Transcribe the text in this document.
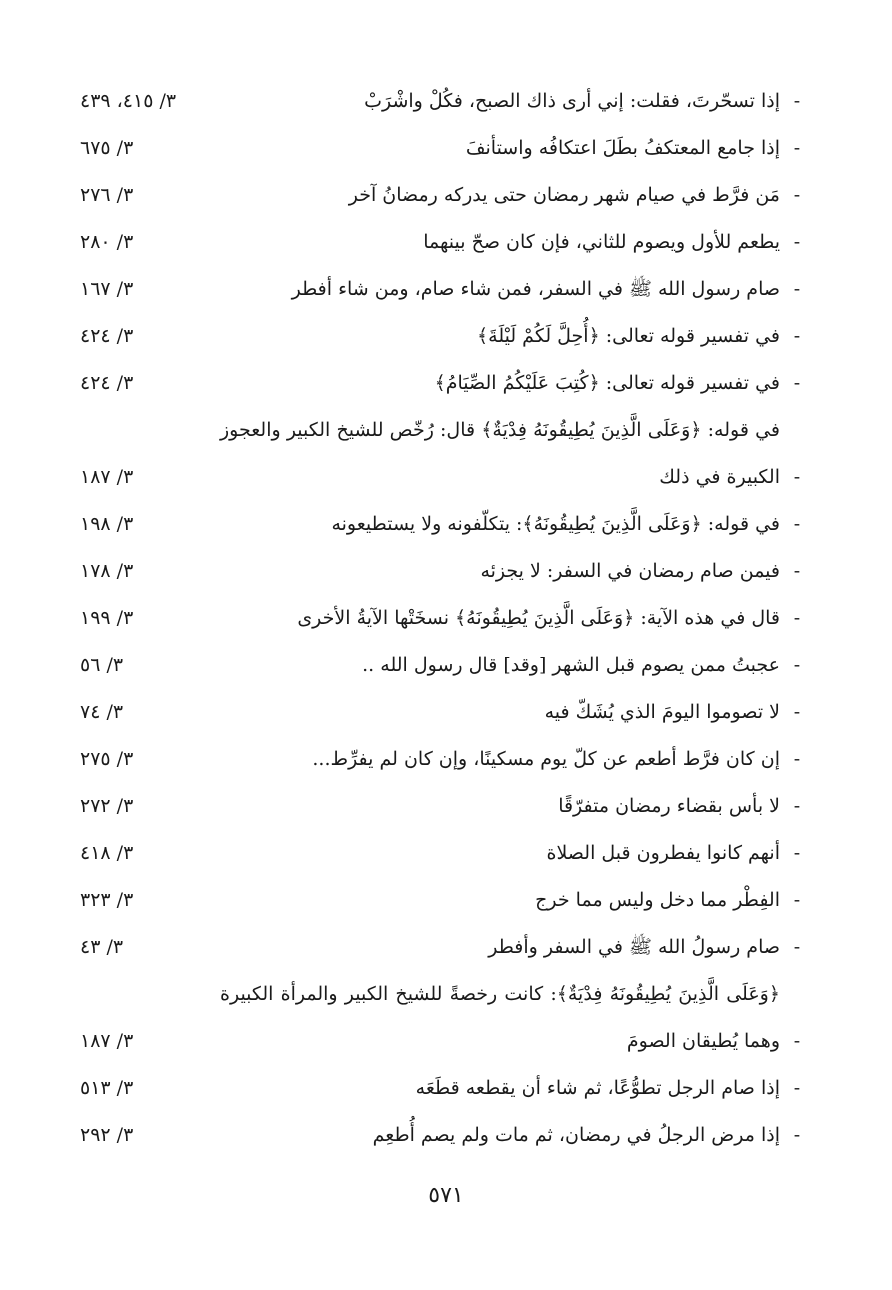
-
إذا تسحّرتَ، فقلت: إني أرى ذاك الصبح، فكُلْ واشْرَبْ
٣/ ٤١٥، ٤٣٩
-
إذا جامع المعتكفُ بطَلَ اعتكافُه واستأنفَ
٣/ ٦٧٥
-
مَن فرَّط في صيام شهر رمضان حتى يدركه رمضانُ آخر
٣/ ٢٧٦
-
يطعم للأول ويصوم للثاني، فإن كان صحّ بينهما
٣/ ٢٨٠
-
صام رسول الله ﷺ في السفر، فمن شاء صام، ومن شاء أفطر
٣/ ١٦٧
-
في تفسير قوله تعالى: ﴿أُحِلَّ لَكُمْ لَيْلَةَ﴾
٣/ ٤٢٤
-
في تفسير قوله تعالى: ﴿كُتِبَ عَلَيْكُمُ الصِّيَامُ﴾
٣/ ٤٢٤
-
في قوله: ﴿وَعَلَى الَّذِينَ يُطِيقُونَهُ فِدْيَةٌ﴾ قال: رُخّص للشيخ الكبير والعجوز الكبيرة في ذلك
٣/ ١٨٧
-
في قوله: ﴿وَعَلَى الَّذِينَ يُطِيقُونَهُ﴾: يتكلّفونه ولا يستطيعونه
٣/ ١٩٨
-
فيمن صام رمضان في السفر: لا يجزئه
٣/ ١٧٨
-
قال في هذه الآية: ﴿وَعَلَى الَّذِينَ يُطِيقُونَهُ﴾ نسخَتْها الآيةُ الأخرى
٣/ ١٩٩
-
عجبتُ ممن يصوم قبل الشهر [وقد] قال رسول الله ..
٣/ ٥٦
-
لا تصوموا اليومَ الذي يُشَكّ فيه
٣/ ٧٤
-
إن كان فرَّط أطعم عن كلّ يوم مسكينًا، وإن كان لم يفرِّط...
٣/ ٢٧٥
-
لا بأس بقضاء رمضان متفرّقًا
٣/ ٢٧٢
-
أنهم كانوا يفطرون قبل الصلاة
٣/ ٤١٨
-
الفِطْر مما دخل وليس مما خرج
٣/ ٣٢٣
-
صام رسولُ الله ﷺ في السفر وأفطر
٣/ ٤٣
-
﴿وَعَلَى الَّذِينَ يُطِيقُونَهُ فِدْيَةٌ﴾: كانت رخصةً للشيخ الكبير والمرأة الكبيرة وهما يُطيقان الصومَ
٣/ ١٨٧
-
إذا صام الرجل تطوُّعًا، ثم شاء أن يقطعه قطَعَه
٣/ ٥١٣
-
إذا مرض الرجلُ في رمضان، ثم مات ولم يصم أُطعِم
٣/ ٢٩٢
٥٧١
